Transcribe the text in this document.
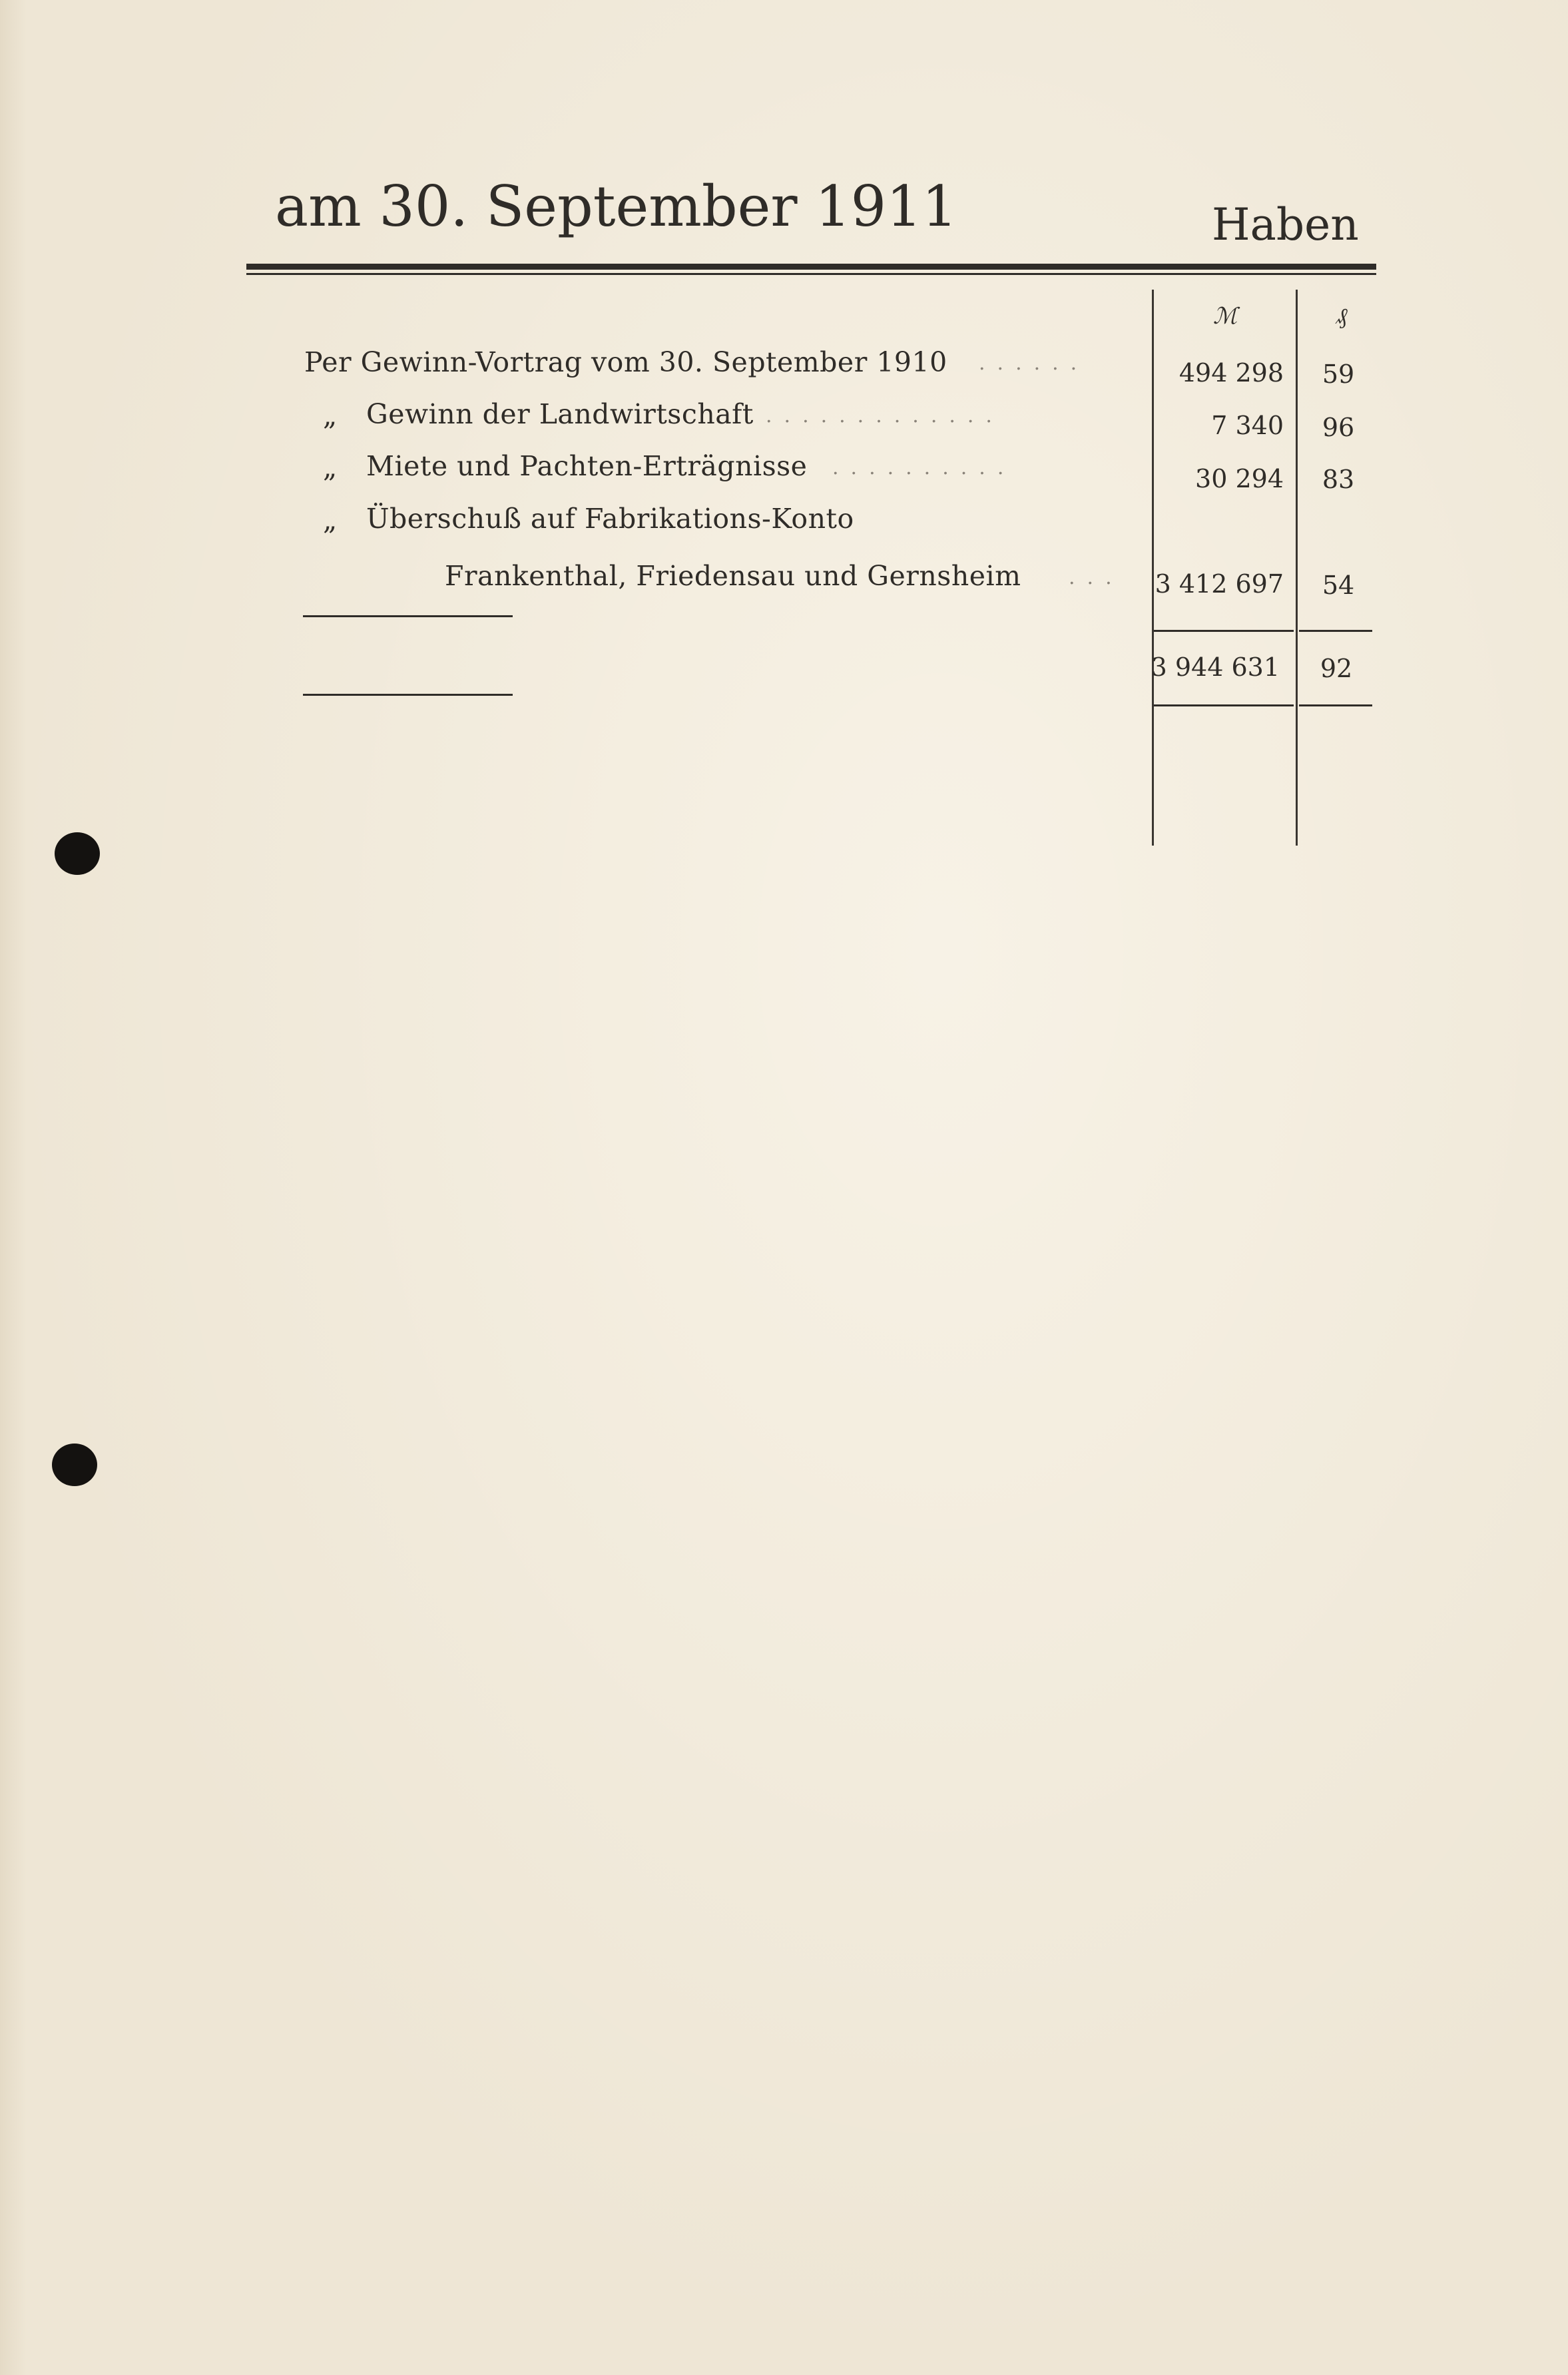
am 30. September 1911	Haben
ℳ	₰
Per Gewinn-Vortrag vom 30. September 1910 ......	494 298	59
„ Gewinn der Landwirtschaft .............	7 340	96
„ Miete und Pachten-Erträgnisse ..........	30 294	83
„ Überschuß auf Fabrikations-Konto
Frankenthal, Friedensau und Gernsheim ... 3 412 697	54
3 944 631	92
